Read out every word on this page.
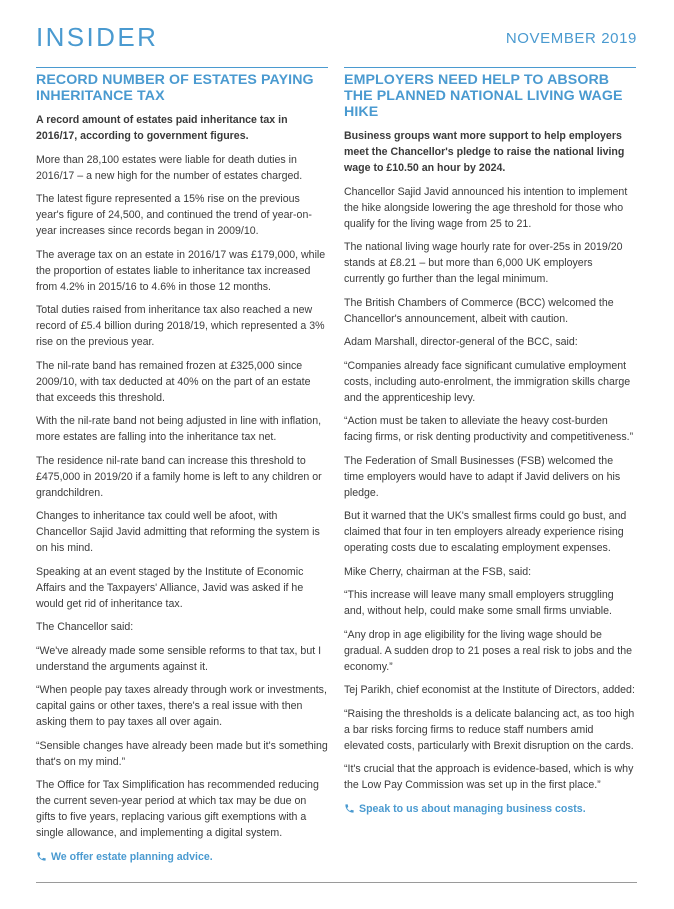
INSIDER	NOVEMBER 2019
RECORD NUMBER OF ESTATES PAYING INHERITANCE TAX

A record amount of estates paid inheritance tax in 2016/17, according to government figures.

More than 28,100 estates were liable for death duties in 2016/17 – a new high for the number of estates charged.

The latest figure represented a 15% rise on the previous year's figure of 24,500, and continued the trend of year-on-year increases since records began in 2009/10.

The average tax on an estate in 2016/17 was £179,000, while the proportion of estates liable to inheritance tax increased from 4.2% in 2015/16 to 4.6% in those 12 months.

Total duties raised from inheritance tax also reached a new record of £5.4 billion during 2018/19, which represented a 3% rise on the previous year.

The nil-rate band has remained frozen at £325,000 since 2009/10, with tax deducted at 40% on the part of an estate that exceeds this threshold.

With the nil-rate band not being adjusted in line with inflation, more estates are falling into the inheritance tax net.

The residence nil-rate band can increase this threshold to £475,000 in 2019/20 if a family home is left to any children or grandchildren.

Changes to inheritance tax could well be afoot, with Chancellor Sajid Javid admitting that reforming the system is on his mind.

Speaking at an event staged by the Institute of Economic Affairs and the Taxpayers' Alliance, Javid was asked if he would get rid of inheritance tax.

The Chancellor said:

“We've already made some sensible reforms to that tax, but I understand the arguments against it.

“When people pay taxes already through work or investments, capital gains or other taxes, there's a real issue with then asking them to pay taxes all over again.

“Sensible changes have already been made but it's something that's on my mind.”

The Office for Tax Simplification has recommended reducing the current seven-year period at which tax may be due on gifts to five years, replacing various gift exemptions with a single allowance, and implementing a digital system.

We offer estate planning advice.
EMPLOYERS NEED HELP TO ABSORB THE PLANNED NATIONAL LIVING WAGE HIKE

Business groups want more support to help employers meet the Chancellor's pledge to raise the national living wage to £10.50 an hour by 2024.

Chancellor Sajid Javid announced his intention to implement the hike alongside lowering the age threshold for those who qualify for the living wage from 25 to 21.

The national living wage hourly rate for over-25s in 2019/20 stands at £8.21 – but more than 6,000 UK employers currently go further than the legal minimum.

The British Chambers of Commerce (BCC) welcomed the Chancellor's announcement, albeit with caution.

Adam Marshall, director-general of the BCC, said:

“Companies already face significant cumulative employment costs, including auto-enrolment, the immigration skills charge and the apprenticeship levy.

“Action must be taken to alleviate the heavy cost-burden facing firms, or risk denting productivity and competitiveness.”

The Federation of Small Businesses (FSB) welcomed the time employers would have to adapt if Javid delivers on his pledge.

But it warned that the UK's smallest firms could go bust, and claimed that four in ten employers already experience rising operating costs due to escalating employment expenses.

Mike Cherry, chairman at the FSB, said:

“This increase will leave many small employers struggling and, without help, could make some small firms unviable.

“Any drop in age eligibility for the living wage should be gradual. A sudden drop to 21 poses a real risk to jobs and the economy.”

Tej Parikh, chief economist at the Institute of Directors, added:

“Raising the thresholds is a delicate balancing act, as too high a bar risks forcing firms to reduce staff numbers amid elevated costs, particularly with Brexit disruption on the cards.

“It's crucial that the approach is evidence-based, which is why the Low Pay Commission was set up in the first place.”

Speak to us about managing business costs.
